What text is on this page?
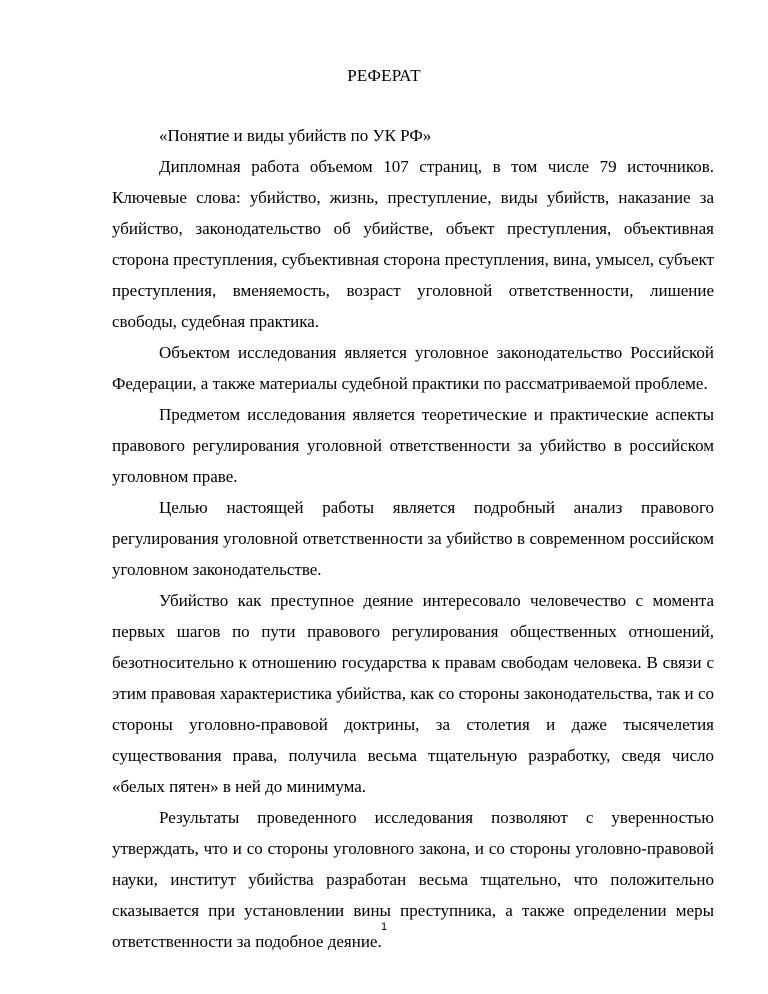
РЕФЕРАТ

«Понятие и виды убийств по УК РФ»

Дипломная работа объемом 107 страниц, в том числе 79 источников. Ключевые слова: убийство, жизнь, преступление, виды убийств, наказание за убийство, законодательство об убийстве, объект преступления, объективная сторона преступления, субъективная сторона преступления, вина, умысел, субъект преступления, вменяемость, возраст уголовной ответственности, лишение свободы, судебная практика.

Объектом исследования является уголовное законодательство Российской Федерации, а также материалы судебной практики по рассматриваемой проблеме.

Предметом исследования является теоретические и практические аспекты правового регулирования уголовной ответственности за убийство в российском уголовном праве.

Целью настоящей работы является подробный анализ правового регулирования уголовной ответственности за убийство в современном российском уголовном законодательстве.

Убийство как преступное деяние интересовало человечество с момента первых шагов по пути правового регулирования общественных отношений, безотносительно к отношению государства к правам свободам человека. В связи с этим правовая характеристика убийства, как со стороны законодательства, так и со стороны уголовно-правовой доктрины, за столетия и даже тысячелетия существования права, получила весьма тщательную разработку, сведя число «белых пятен» в ней до минимума.

Результаты проведенного исследования позволяют с уверенностью утверждать, что и со стороны уголовного закона, и со стороны уголовно-правовой науки, институт убийства разработан весьма тщательно, что положительно сказывается при установлении вины преступника, а также определении меры ответственности за подобное деяние.

1
